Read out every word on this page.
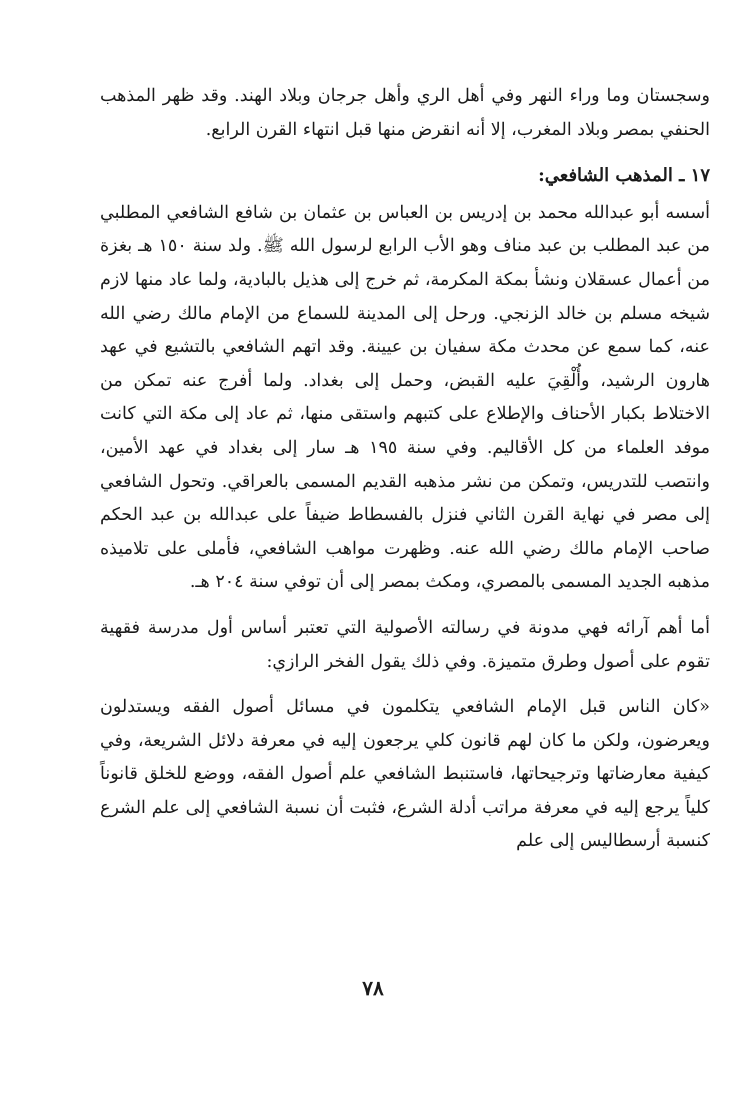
وسجستان وما وراء النهر وفي أهل الري وأهل جرجان وبلاد الهند. وقد ظهر المذهب الحنفي بمصر وبلاد المغرب، إلا أنه انقرض منها قبل انتهاء القرن الرابع.

١٧ ـ المذهب الشافعي:

أسسه أبو عبدالله محمد بن إدريس بن العباس بن عثمان بن شافع الشافعي المطلبي من عبد المطلب بن عبد مناف وهو الأب الرابع لرسول الله ﷺ. ولد سنة ١٥٠ هـ بغزة من أعمال عسقلان ونشأ بمكة المكرمة، ثم خرج إلى هذيل بالبادية، ولما عاد منها لازم شيخه مسلم بن خالد الزنجي. ورحل إلى المدينة للسماع من الإمام مالك رضي الله عنه، كما سمع عن محدث مكة سفيان بن عيينة. وقد اتهم الشافعي بالتشيع في عهد هارون الرشيد، وأُلْقِيَ عليه القبض، وحمل إلى بغداد. ولما أفرج عنه تمكن من الاختلاط بكبار الأحناف والإطلاع على كتبهم واستقى منها، ثم عاد إلى مكة التي كانت موفد العلماء من كل الأقاليم. وفي سنة ١٩٥ هـ سار إلى بغداد في عهد الأمين، وانتصب للتدريس، وتمكن من نشر مذهبه القديم المسمى بالعراقي. وتحول الشافعي إلى مصر في نهاية القرن الثاني فنزل بالفسطاط ضيفاً على عبدالله بن عبد الحكم صاحب الإمام مالك رضي الله عنه. وظهرت مواهب الشافعي، فأملى على تلاميذه مذهبه الجديد المسمى بالمصري، ومكث بمصر إلى أن توفي سنة ٢٠٤ هـ.

أما أهم آرائه فهي مدونة في رسالته الأصولية التي تعتبر أساس أول مدرسة فقهية تقوم على أصول وطرق متميزة. وفي ذلك يقول الفخر الرازي:

«كان الناس قبل الإمام الشافعي يتكلمون في مسائل أصول الفقه ويستدلون ويعرضون، ولكن ما كان لهم قانون كلي يرجعون إليه في معرفة دلائل الشريعة، وفي كيفية معارضاتها وترجيحاتها، فاستنبط الشافعي علم أصول الفقه، ووضع للخلق قانوناً كلياً يرجع إليه في معرفة مراتب أدلة الشرع، فثبت أن نسبة الشافعي إلى علم الشرع كنسبة أرسطاليس إلى علم

٧٨
